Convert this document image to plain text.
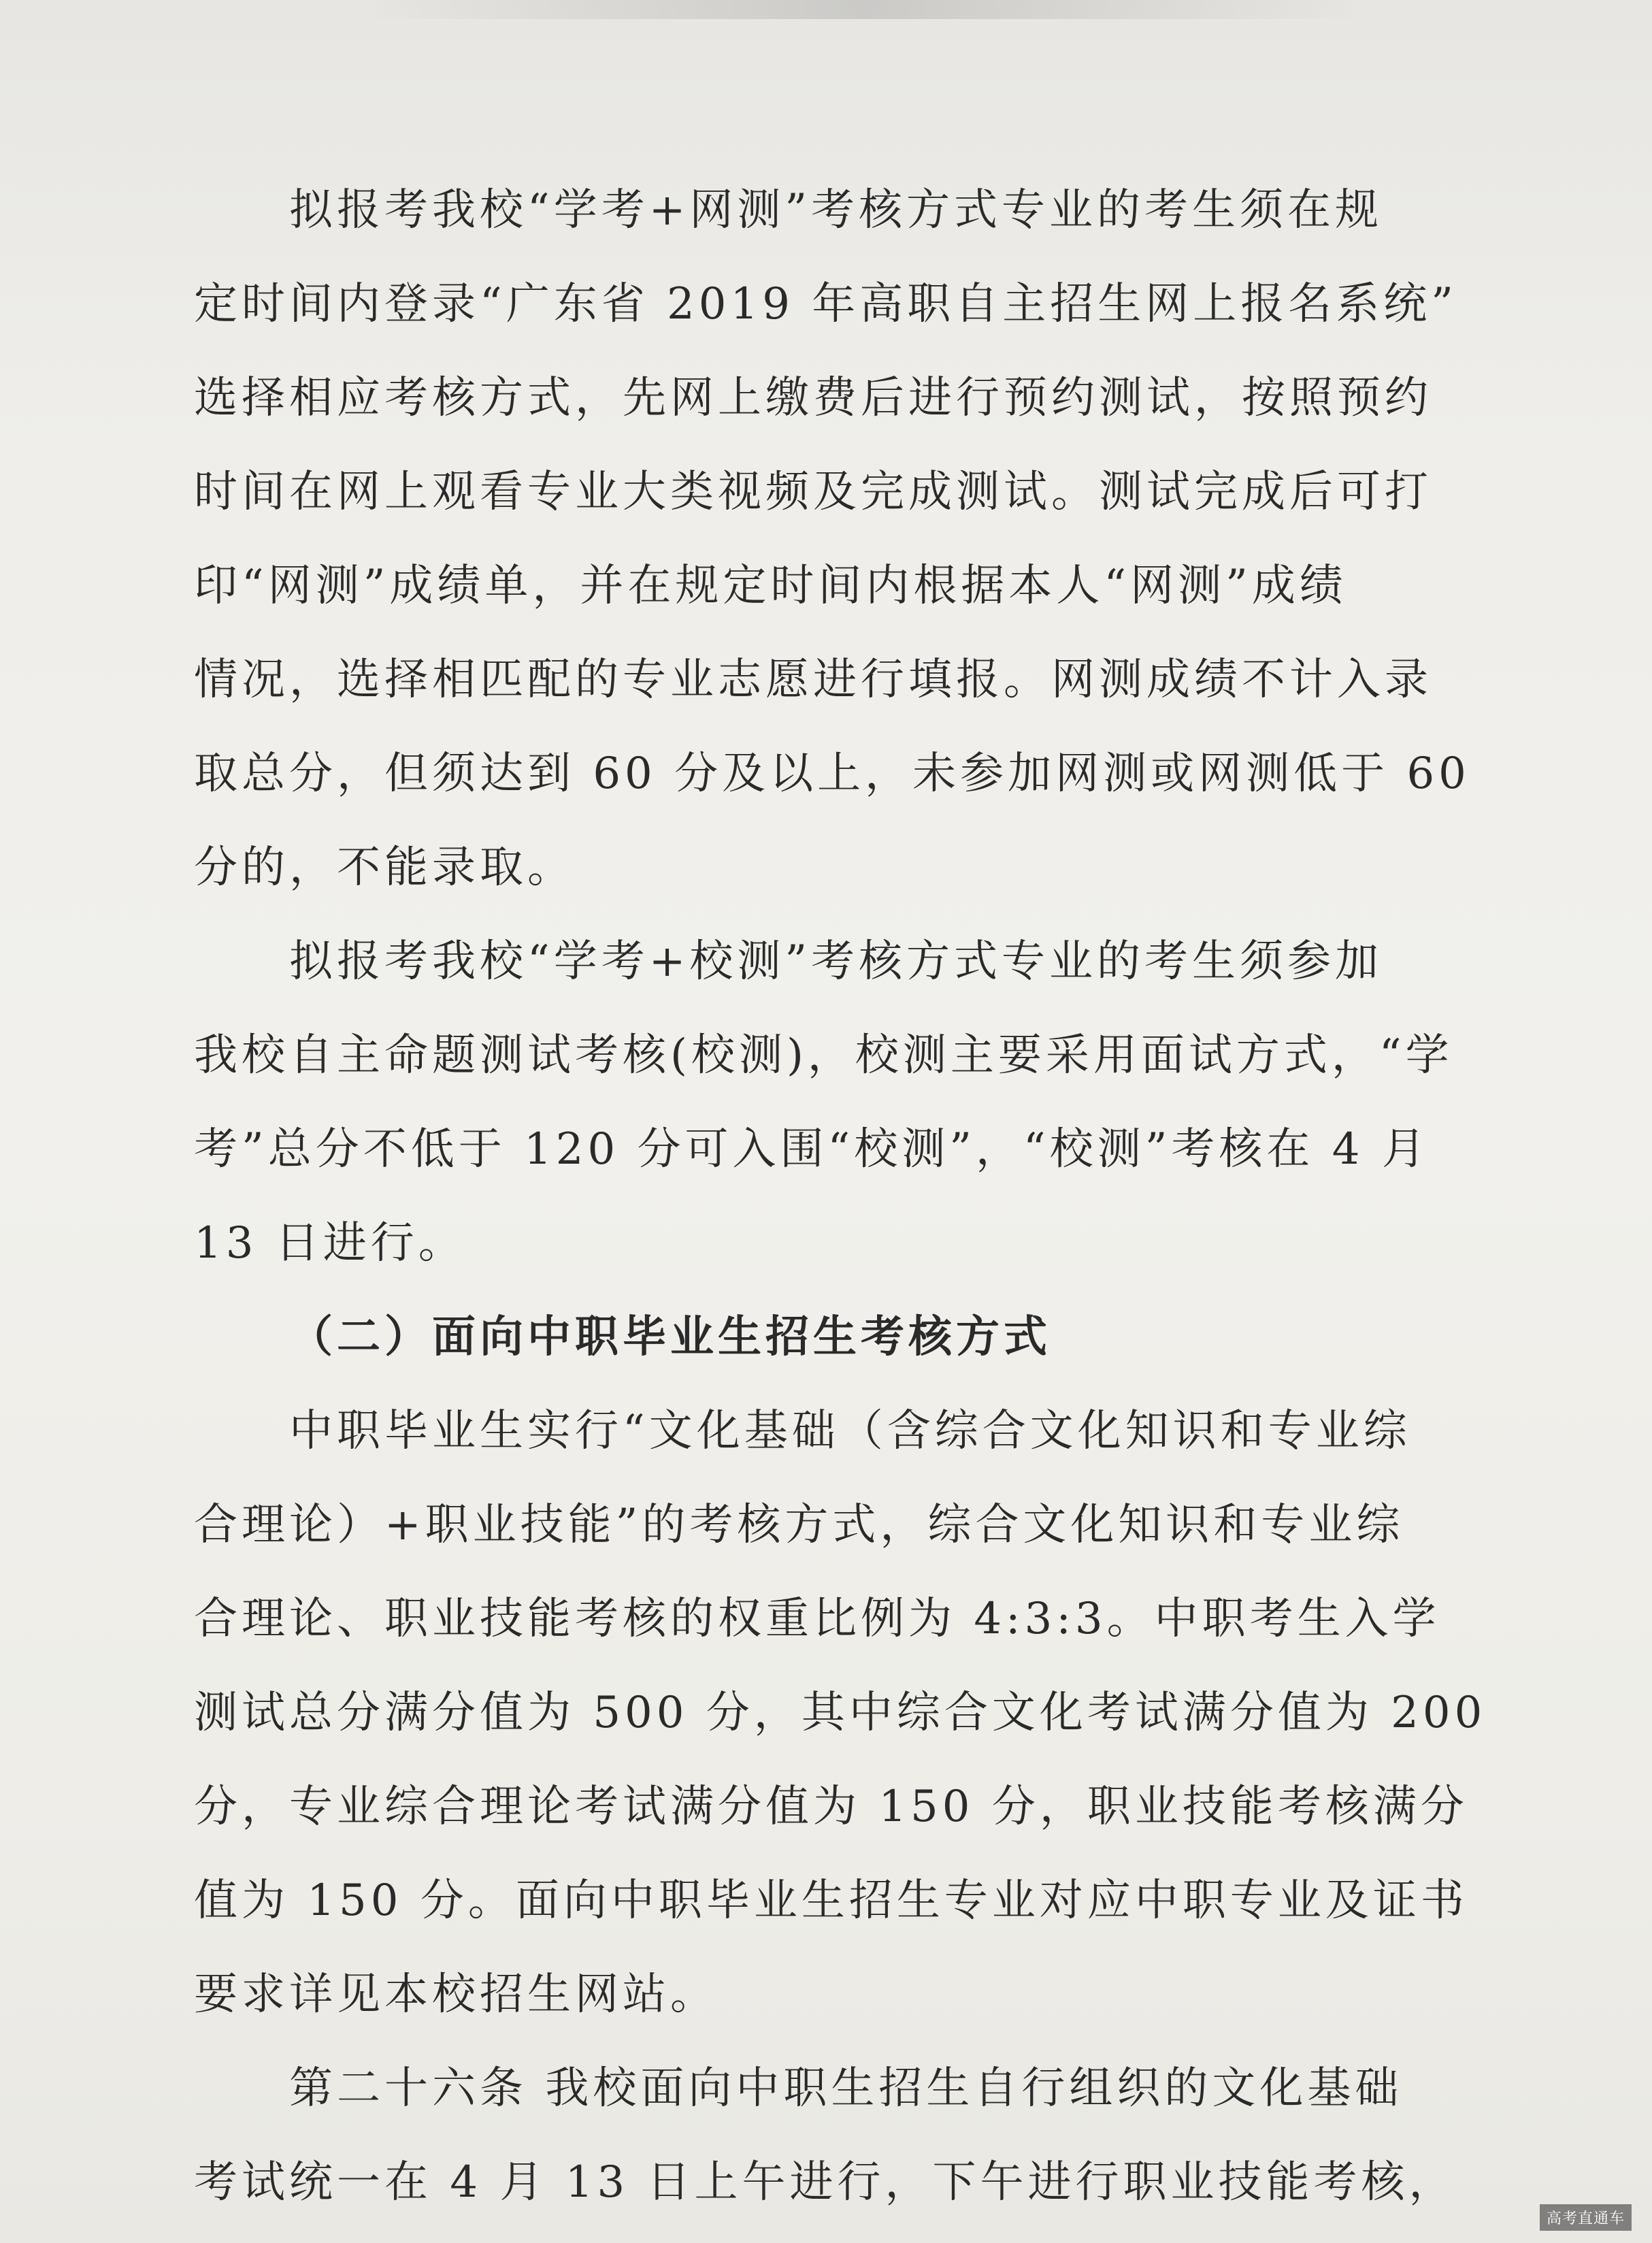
拟报考我校“学考+网测”考核方式专业的考生须在规
定时间内登录“广东省 2019 年高职自主招生网上报名系统”
选择相应考核方式，先网上缴费后进行预约测试，按照预约
时间在网上观看专业大类视频及完成测试。测试完成后可打
印“网测”成绩单，并在规定时间内根据本人“网测”成绩
情况，选择相匹配的专业志愿进行填报。网测成绩不计入录
取总分，但须达到 60 分及以上，未参加网测或网测低于 60
分的，不能录取。
拟报考我校“学考+校测”考核方式专业的考生须参加
我校自主命题测试考核(校测)，校测主要采用面试方式，“学
考”总分不低于 120 分可入围“校测”，“校测”考核在 4 月
13 日进行。
（二）面向中职毕业生招生考核方式
中职毕业生实行“文化基础（含综合文化知识和专业综
合理论）+职业技能”的考核方式，综合文化知识和专业综
合理论、职业技能考核的权重比例为 4:3:3。中职考生入学
测试总分满分值为 500 分，其中综合文化考试满分值为 200
分，专业综合理论考试满分值为 150 分，职业技能考核满分
值为 150 分。面向中职毕业生招生专业对应中职专业及证书
要求详见本校招生网站。
第二十六条 我校面向中职生招生自行组织的文化基础
考试统一在 4 月 13 日上午进行，下午进行职业技能考核，
高考直通车
